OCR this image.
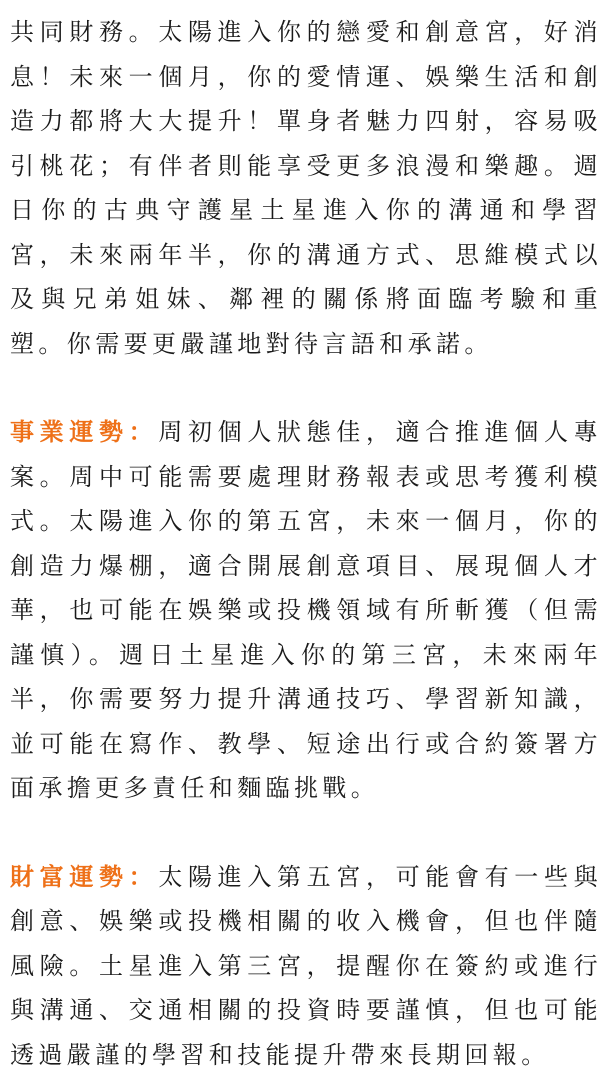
共同財務。太陽進入你的戀愛和創意宮，好消息！未來一個月，你的愛情運、娛樂生活和創造力都將大大提升！單身者魅力四射，容易吸引桃花；有伴者則能享受更多浪漫和樂趣。週日你的古典守護星土星進入你的溝通和學習宮，未來兩年半，你的溝通方式、思維模式以及與兄弟姐妹、鄰裡的關係將面臨考驗和重塑。你需要更嚴謹地對待言語和承諾。

事業運勢：周初個人狀態佳，適合推進個人專案。周中可能需要處理財務報表或思考獲利模式。太陽進入你的第五宮，未來一個月，你的創造力爆棚，適合開展創意項目、展現個人才華，也可能在娛樂或投機領域有所斬獲（但需謹慎）。週日土星進入你的第三宮，未來兩年半，你需要努力提升溝通技巧、學習新知識，並可能在寫作、教學、短途出行或合約簽署方面承擔更多責任和麵臨挑戰。

財富運勢：太陽進入第五宮，可能會有一些與創意、娛樂或投機相關的收入機會，但也伴隨風險。土星進入第三宮，提醒你在簽約或進行與溝通、交通相關的投資時要謹慎，但也可能透過嚴謹的學習和技能提升帶來長期回報。
